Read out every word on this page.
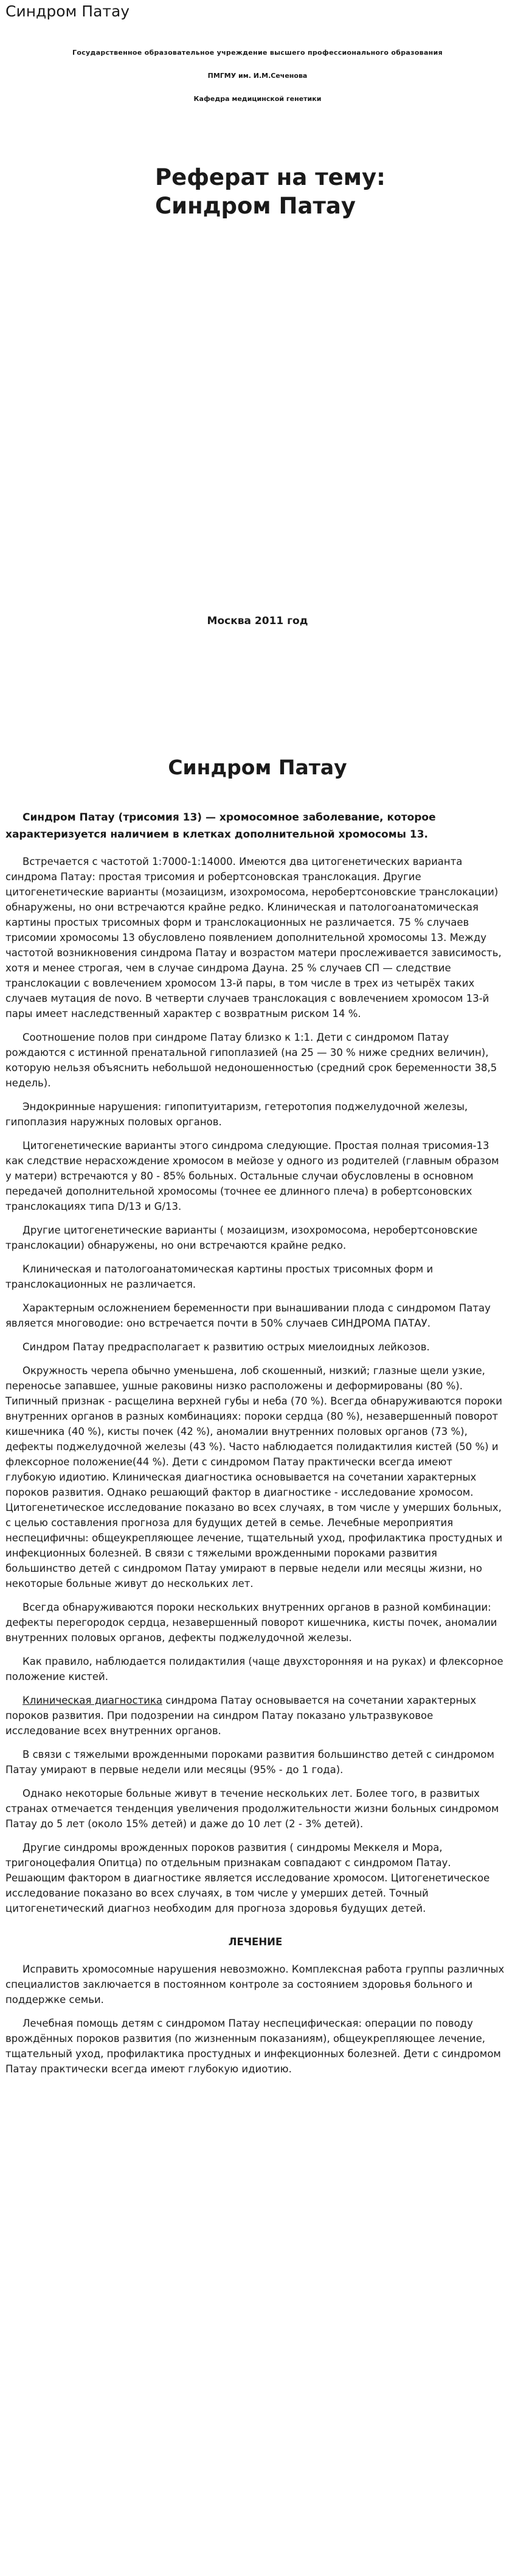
Синдром Патау
Государственное образовательное учреждение высшего профессионального образования
ПМГМУ им. И.М.Сеченова
Кафедра медицинской генетики
Реферат на тему:
Синдром Патау
Москва 2011 год
Синдром Патау

Синдром Патау (трисомия 13) — хромосомное заболевание, которое характеризуется наличием в клетках дополнительной хромосомы 13.

Встречается с частотой 1:7000-1:14000. Имеются два цитогенетических варианта синдрома Патау: простая трисомия и робертсоновская транслокация. Другие цитогенетические варианты (мозаицизм, изохромосома, неробертсоновские транслокации) обнаружены, но они встречаются крайне редко. Клиническая и патологоанатомическая картины простых трисомных форм и транслокационных не различается. 75 % случаев трисомии хромосомы 13 обусловлено появлением дополнительной хромосомы 13. Между частотой возникновения синдрома Патау и возрастом матери прослеживается зависимость, хотя и менее строгая, чем в случае синдрома Дауна. 25 % случаев СП — следствие транслокации с вовлечением хромосом 13-й пары, в том числе в трех из четырёх таких случаев мутация de novo. В четверти случаев транслокация с вовлечением хромосом 13-й пары имеет наследственный характер с возвратным риском 14 %.

Соотношение полов при синдроме Патау близко к 1:1. Дети с синдромом Патау рождаются с истинной пренатальной гипоплазией (на 25 — 30 % ниже средних величин), которую нельзя объяснить небольшой недоношенностью (средний срок беременности 38,5 недель).

Эндокринные нарушения: гипопитуитаризм, гетеротопия поджелудочной железы, гипоплазия наружных половых органов.

Цитогенетические варианты этого синдрома следующие. Простая полная трисомия-13 как следствие нерасхождение хромосом в мейозе у одного из родителей (главным образом у матери) встречаются у 80 - 85% больных. Остальные случаи обусловлены в основном передачей дополнительной хромосомы (точнее ее длинного плеча) в робертсоновских транслокациях типа D/13 и G/13.

Другие цитогенетические варианты ( мозаицизм, изохромосома, неробертсоновские транслокации) обнаружены, но они встречаются крайне редко.

Клиническая и патологоанатомическая картины простых трисомных форм и транслокационных не различается.

Характерным осложнением беременности при вынашивании плода с синдромом Патау является многоводие: оно встречается почти в 50% случаев СИНДРОМА ПАТАУ.

Синдром Патау предрасполагает к развитию острых миелоидных лейкозов.

Окружность черепа обычно уменьшена, лоб скошенный, низкий; глазные щели узкие, переносье запавшее, ушные раковины низко расположены и деформированы (80 %). Типичный признак - расщелина верхней губы и неба (70 %). Всегда обнаруживаются пороки внутренних органов в разных комбинациях: пороки сердца (80 %), незавершенный поворот кишечника (40 %), кисты почек (42 %), аномалии внутренних половых органов (73 %), дефекты поджелудочной железы (43 %). Часто наблюдается полидактилия кистей (50 %) и флексорное положение(44 %). Дети с синдромом Патау практически всегда имеют глубокую идиотию. Клиническая диагностика основывается на сочетании характерных пороков развития. Однако решающий фактор в диагностике - исследование хромосом. Цитогенетическое исследование показано во всех случаях, в том числе у умерших больных, с целью составления прогноза для будущих детей в семье. Лечебные мероприятия неспецифичны: общеукрепляющее лечение, тщательный уход, профилактика простудных и инфекционных болезней. В связи с тяжелыми врожденными пороками развития большинство детей с синдромом Патау умирают в первые недели или месяцы жизни, но некоторые больные живут до нескольких лет.

Всегда обнаруживаются пороки нескольких внутренних органов в разной комбинации: дефекты перегородок сердца, незавершенный поворот кишечника, кисты почек, аномалии внутренних половых органов, дефекты поджелудочной железы.

Как правило, наблюдается полидактилия (чаще двухсторонняя и на руках) и флексорное положение кистей.

Клиническая диагностика синдрома Патау основывается на сочетании характерных пороков развития. При подозрении на синдром Патау показано ультразвуковое исследование всех внутренних органов.

В связи с тяжелыми врожденными пороками развития большинство детей с синдромом Патау умирают в первые недели или месяцы (95% - до 1 года).

Однако некоторые больные живут в течение нескольких лет. Более того, в развитых странах отмечается тенденция увеличения продолжительности жизни больных синдромом Патау до 5 лет (около 15% детей) и даже до 10 лет (2 - 3% детей).

Другие синдромы врожденных пороков развития ( синдромы Меккеля и Мора, тригоноцефалия Опитца) по отдельным признакам совпадают с синдромом Патау. Решающим фактором в диагностике является исследование хромосом. Цитогенетическое исследование показано во всех случаях, в том числе у умерших детей. Точный цитогенетический диагноз необходим для прогноза здоровья будущих детей.

ЛЕЧЕНИЕ

Исправить хромосомные нарушения невозможно. Комплексная работа группы различных специалистов заключается в постоянном контроле за состоянием здоровья больного и поддержке семьи.

Лечебная помощь детям с синдромом Патау неспецифическая: операции по поводу врождённых пороков развития (по жизненным показаниям), общеукрепляющее лечение, тщательный уход, профилактика простудных и инфекционных болезней. Дети с синдромом Патау практически всегда имеют глубокую идиотию.
